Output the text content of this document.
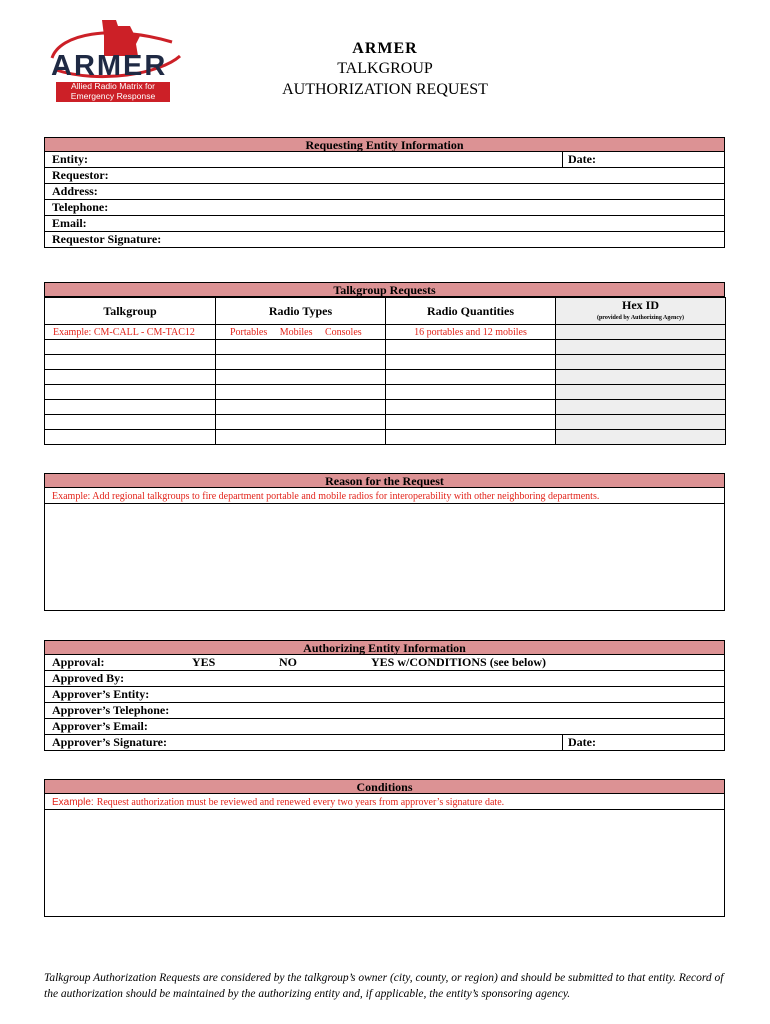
ARMER
Allied Radio Matrix for
Emergency Response
ARMER
TALKGROUP
AUTHORIZATION REQUEST
Requesting Entity Information
Entity:	Date:
Requestor:
Address:
Telephone:
Email:
Requestor Signature:
Talkgroup Requests
Talkgroup	Radio Types	Radio Quantities	Hex ID
(provided by Authorizing Agency)

Example: CM-CALL - CM-TAC12	Portables Mobiles Consoles	16 portables and 12 mobiles	

Reason for the Request
Example: Add regional talkgroups to fire department portable and mobile radios for interoperability with other neighboring departments.
Authorizing Entity Information
Approval:	YES	NO	YES w/CONDITIONS (see below)
Approved By:
Approver’s Entity:
Approver’s Telephone:
Approver’s Email:
Approver’s Signature:	Date:
Conditions
Example: Request authorization must be reviewed and renewed every two years from approver’s signature date.
Talkgroup Authorization Requests are considered by the talkgroup’s owner (city, county, or region) and should be submitted to that entity. Record of the authorization should be maintained by the authorizing entity and, if applicable, the entity’s sponsoring agency.
